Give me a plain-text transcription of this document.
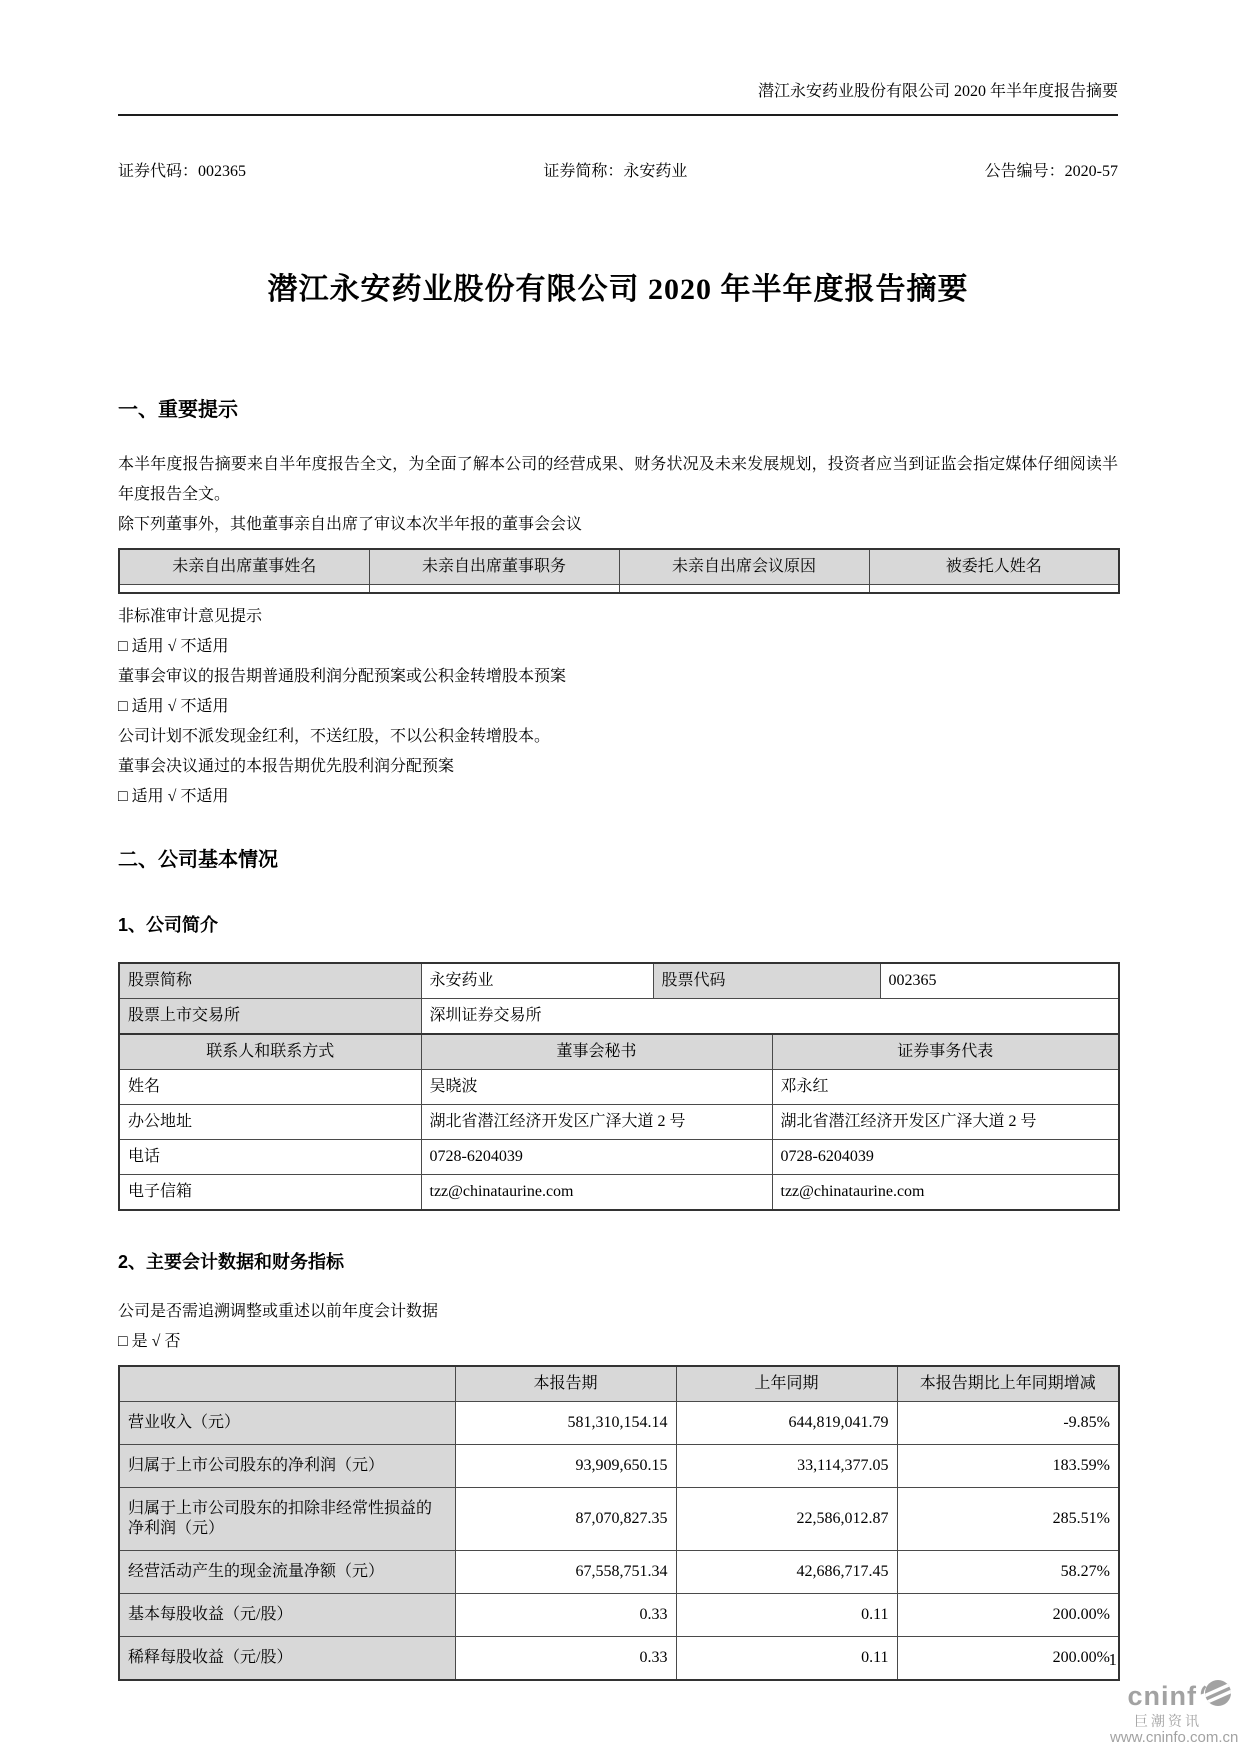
潜江永安药业股份有限公司 2020 年半年度报告摘要
证券代码：002365	证券简称：永安药业	公告编号：2020-57
潜江永安药业股份有限公司 2020 年半年度报告摘要
一、重要提示

本半年度报告摘要来自半年度报告全文，为全面了解本公司的经营成果、财务状况及未来发展规划，投资者应当到证监会指定媒体仔细阅读半年度报告全文。

除下列董事外，其他董事亲自出席了审议本次半年报的董事会会议
未亲自出席董事姓名	未亲自出席董事职务	未亲自出席会议原因	被委托人姓名

非标准审计意见提示
□ 适用 √ 不适用
董事会审议的报告期普通股利润分配预案或公积金转增股本预案
□ 适用 √ 不适用
公司计划不派发现金红利，不送红股，不以公积金转增股本。
董事会决议通过的本报告期优先股利润分配预案
□ 适用 √ 不适用
二、公司基本情况
1、公司简介
股票简称	永安药业	股票代码	002365
股票上市交易所	深圳证券交易所		
联系人和联系方式	董事会秘书	证券事务代表
姓名	吴晓波	邓永红
办公地址	湖北省潜江经济开发区广泽大道 2 号	湖北省潜江经济开发区广泽大道 2 号
电话	0728-6204039	0728-6204039
电子信箱	tzz@chinataurine.com	tzz@chinataurine.com
2、主要会计数据和财务指标
公司是否需追溯调整或重述以前年度会计数据
□ 是 √ 否
	本报告期	上年同期	本报告期比上年同期增减
营业收入（元）	581,310,154.14	644,819,041.79	-9.85%
归属于上市公司股东的净利润（元）	93,909,650.15	33,114,377.05	183.59%
归属于上市公司股东的扣除非经常性损益的净利润（元）	87,070,827.35	22,586,012.87	285.51%
经营活动产生的现金流量净额（元）	67,558,751.34	42,686,717.45	58.27%
基本每股收益（元/股）	0.33	0.11	200.00%
稀释每股收益（元/股）	0.33	0.11	200.00%
1
cninf
巨潮资讯
www.cninfo.com.cn
